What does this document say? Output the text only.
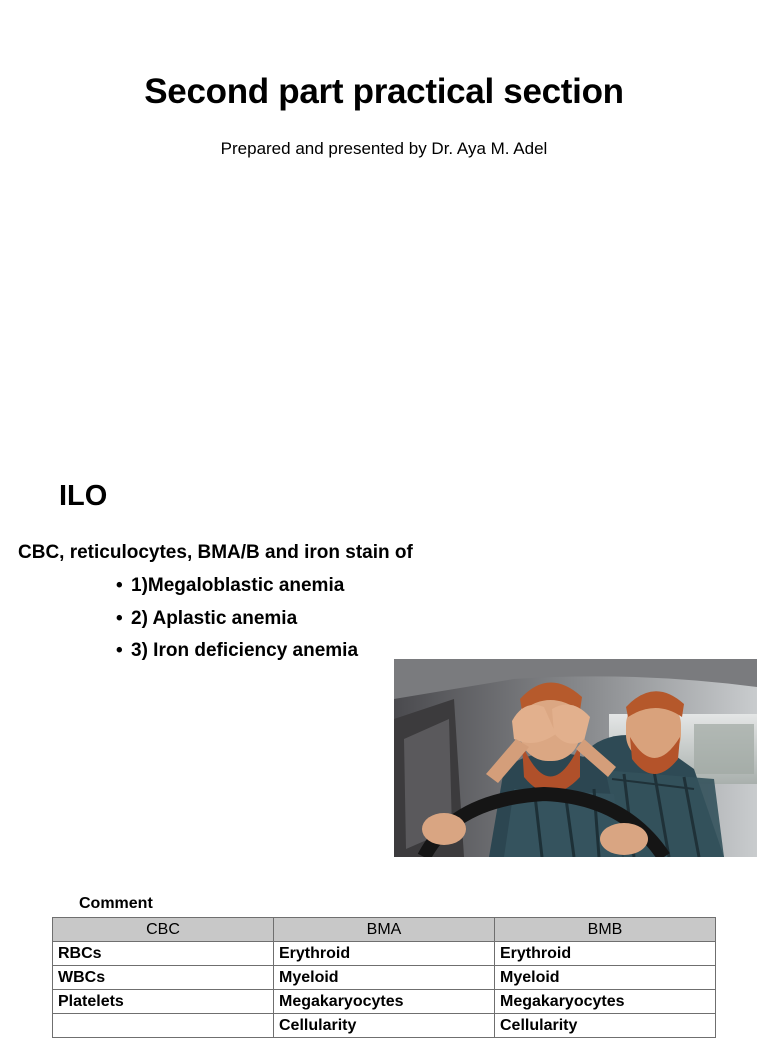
Second part practical section
Prepared and presented by Dr. Aya M. Adel
ILO
CBC, reticulocytes, BMA/B and iron stain of
• 1)Megaloblastic anemia
• 2) Aplastic anemia
• 3) Iron deficiency anemia
Comment
CBC	BMA	BMB
RBCs	Erythroid	Erythroid
WBCs	Myeloid	Myeloid
Platelets	Megakaryocytes	Megakaryocytes
	Cellularity	Cellularity
